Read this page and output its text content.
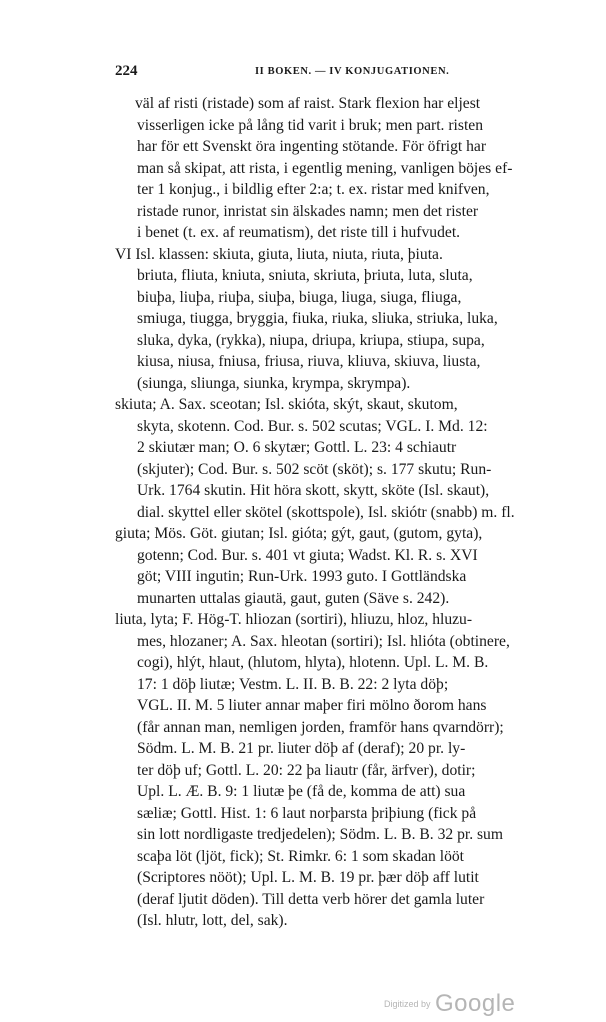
224	II BOKEN. — IV KONJUGATIONEN.
väl af risti (ristade) som af raist. Stark flexion har eljest
visserligen icke på lång tid varit i bruk; men part. risten
har för ett Svenskt öra ingenting stötande. För öfrigt har
man så skipat, att rista, i egentlig mening, vanligen böjes ef-
ter 1 konjug., i bildlig efter 2:a; t. ex. ristar med knifven,
ristade runor, inristat sin älskades namn; men det rister
i benet (t. ex. af reumatism), det riste till i hufvudet.
VI Isl. klassen: skiuta, giuta, liuta, niuta, riuta, þiuta.
briuta, fliuta, kniuta, sniuta, skriuta, þriuta, luta, sluta,
biuþa, liuþa, riuþa, siuþa, biuga, liuga, siuga, fliuga,
smiuga, tiugga, bryggia, fiuka, riuka, sliuka, striuka, luka,
sluka, dyka, (rykka), niupa, driupa, kriupa, stiupa, supa,
kiusa, niusa, fniusa, friusa, riuva, kliuva, skiuva, liusta,
(siunga, sliunga, siunka, krympa, skrympa).
skiuta; A. Sax. sceotan; Isl. skióta, skýt, skaut, skutom,
skyta, skotenn. Cod. Bur. s. 502 scutas; VGL. I. Md. 12:
2 skiutær man; O. 6 skytær; Gottl. L. 23: 4 schiautr
(skjuter); Cod. Bur. s. 502 scöt (sköt); s. 177 skutu; Run-
Urk. 1764 skutin. Hit höra skott, skytt, sköte (Isl. skaut),
dial. skyttel eller skötel (skottspole), Isl. skiótr (snabb) m. fl.
giuta; Mös. Göt. giutan; Isl. gióta; gýt, gaut, (gutom, gyta),
gotenn; Cod. Bur. s. 401 vt giuta; Wadst. Kl. R. s. XVI
göt; VIII ingutin; Run-Urk. 1993 guto. I Gottländska
munarten uttalas giautä, gaut, guten (Säve s. 242).
liuta, lyta; F. Hög-T. hliozan (sortiri), hliuzu, hloz, hluzu-
mes, hlozaner; A. Sax. hleotan (sortiri); Isl. hlióta (obtinere,
cogi), hlýt, hlaut, (hlutom, hlyta), hlotenn. Upl. L. M. B.
17: 1 döþ liutæ; Vestm. L. II. B. B. 22: 2 lyta döþ;
VGL. II. M. 5 liuter annar maþer firi mölno ðorom hans
(får annan man, nemligen jorden, framför hans qvarndörr);
Södm. L. M. B. 21 pr. liuter döþ af (deraf); 20 pr. ly-
ter döþ uf; Gottl. L. 20: 22 þa liautr (får, ärfver), dotir;
Upl. L. Æ. B. 9: 1 liutæ þe (få de, komma de att) sua
sæliæ; Gottl. Hist. 1: 6 laut norþarsta þriþiung (fick på
sin lott nordligaste tredjedelen); Södm. L. B. B. 32 pr. sum
scaþa löt (ljöt, fick); St. Rimkr. 6: 1 som skadan lööt
(Scriptores nööt); Upl. L. M. B. 19 pr. þær döþ aff lutit
(deraf ljutit döden). Till detta verb hörer det gamla luter
(Isl. hlutr, lott, del, sak).
Digitized by Google
